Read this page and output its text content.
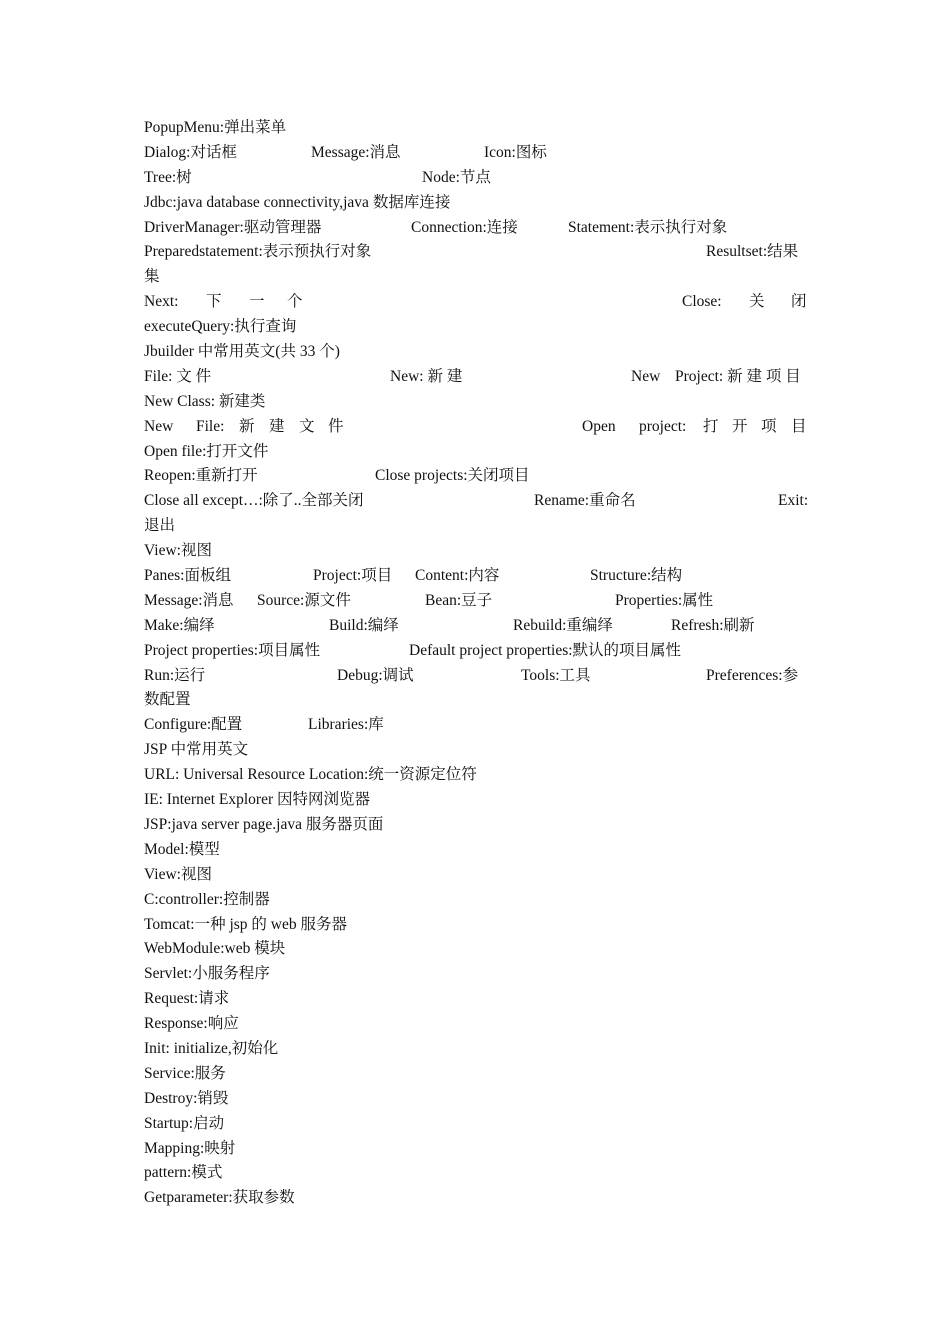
PopupMenu:弹出菜单
Dialog:对话框	Message:消息	Icon:图标
Tree:树	Node:节点
Jdbc:java database connectivity,java 数据库连接
DriverManager:驱动管理器	Connection:连接	Statement:表示执行对象
Preparedstatement:表示预执行对象	Resultset:结果
集
Next: 下 一 个	Close: 关 闭
executeQuery:执行查询
Jbuilder 中常用英文(共 33 个)
File: 文 件	New: 新 建	New Project: 新 建 项 目
New Class: 新建类
New File: 新 建 文 件	Open project: 打 开 项 目
Open file:打开文件
Reopen:重新打开	Close projects:关闭项目
Close all except…:除了..全部关闭	Rename:重命名	Exit:
退出
View:视图
Panes:面板组	Project:项目 Content:内容	Structure:结构
Message:消息 Source:源文件	Bean:豆子	Properties:属性
Make:编绎	Build:编绎	Rebuild:重编绎	Refresh:刷新
Project properties:项目属性	Default project properties:默认的项目属性
Run:运行	Debug:调试	Tools:工具	Preferences:参
数配置
Configure:配置	Libraries:库
JSP 中常用英文
URL: Universal Resource Location:统一资源定位符
IE: Internet Explorer 因特网浏览器
JSP:java server page.java 服务器页面
Model:模型
View:视图
C:controller:控制器
Tomcat:一种 jsp 的 web 服务器
WebModule:web 模块
Servlet:小服务程序
Request:请求
Response:响应
Init: initialize,初始化
Service:服务
Destroy:销毁
Startup:启动
Mapping:映射
pattern:模式
Getparameter:获取参数
